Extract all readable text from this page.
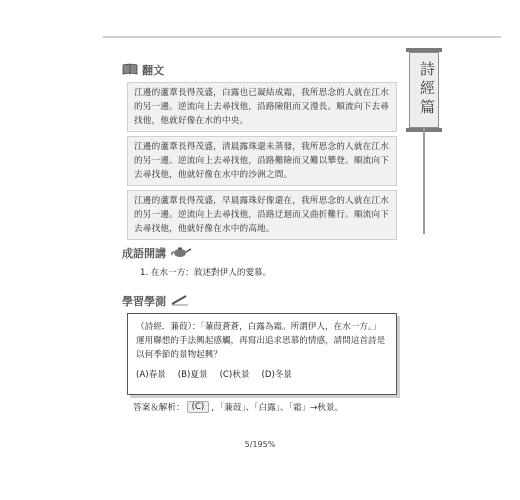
詩經篇
翻文
江邊的蘆葦長得茂盛，白露也已凝結成霜，我所思念的人就在江水的另一邊。逆流向上去尋找他，沿路險阻而又漫長。順流向下去尋找他，他就好像在水的中央。
江邊的蘆葦長得茂盛，清晨露珠還未蒸發，我所思念的人就在江水的另一邊。逆流向上去尋找他，沿路難險而又難以攀登。順流向下去尋找他，他就好像在水中的沙洲之間。
江邊的蘆葦長得茂盛，早晨露珠好像還在，我所思念的人就在江水的另一邊。逆流向上去尋找他，沿路迂迴而又曲折難行。順流向下去尋找他，他就好像在水中的高地。
成語開講
1. 在水一方：敘述對伊人的愛慕。
學習學測
（詩經．蒹葭）：「蒹葭蒼蒼，白露為霜。所謂伊人，在水一方。」運用聯想的手法興起感觸，再寫出追求思慕的情感，請問這首詩是以何季節的景物起興？
(A)春景 (B)夏景 (C)秋景 (D)冬景
答案＆解析： (C) ，「蒹葭」、「白露」、「霜」→秋景。
5/195%
